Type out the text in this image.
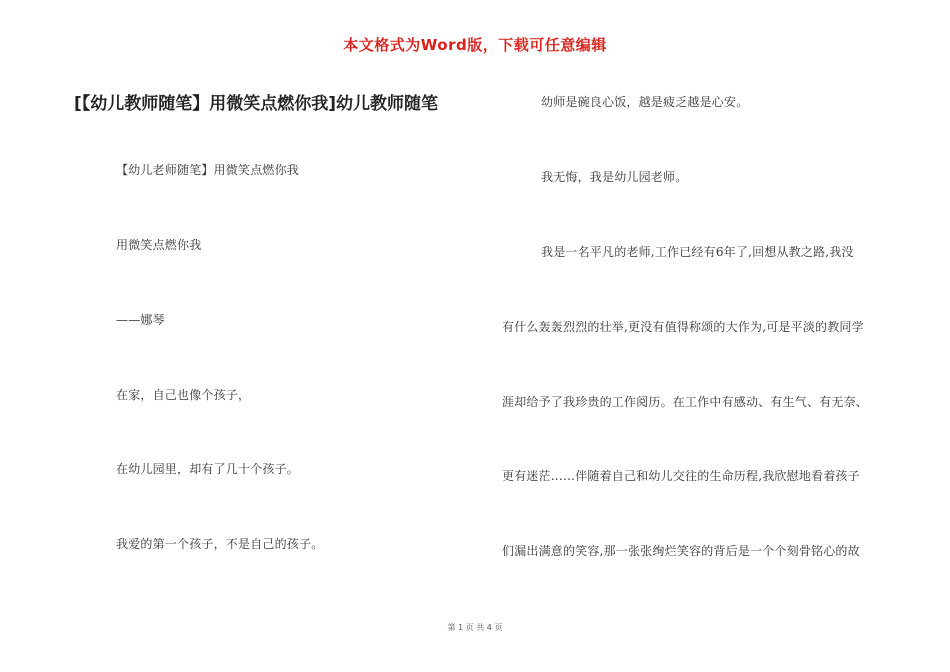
本文格式为Word版，下载可任意编辑
[【幼儿教师随笔】用微笑点燃你我]幼儿教师随笔
【幼儿老师随笔】用微笑点燃你我
用微笑点燃你我
——娜琴
在家，自己也像个孩子，
在幼儿园里，却有了几十个孩子。
我爱的第一个孩子，不是自己的孩子。
幼师是碗良心饭，越是疲乏越是心安。
我无悔，我是幼儿园老师。
我是一名平凡的老师,工作已经有6年了,回想从教之路,我没
有什么轰轰烈烈的壮举,更没有值得称颂的大作为,可是平淡的教同学
涯却给予了我珍贵的工作阅历。在工作中有感动、有生气、有无奈、
更有迷茫……伴随着自己和幼儿交往的生命历程,我欣慰地看着孩子
们漏出满意的笑容,那一张张绚烂笑容的背后是一个个刻骨铭心的故
第 1 页 共 4 页
